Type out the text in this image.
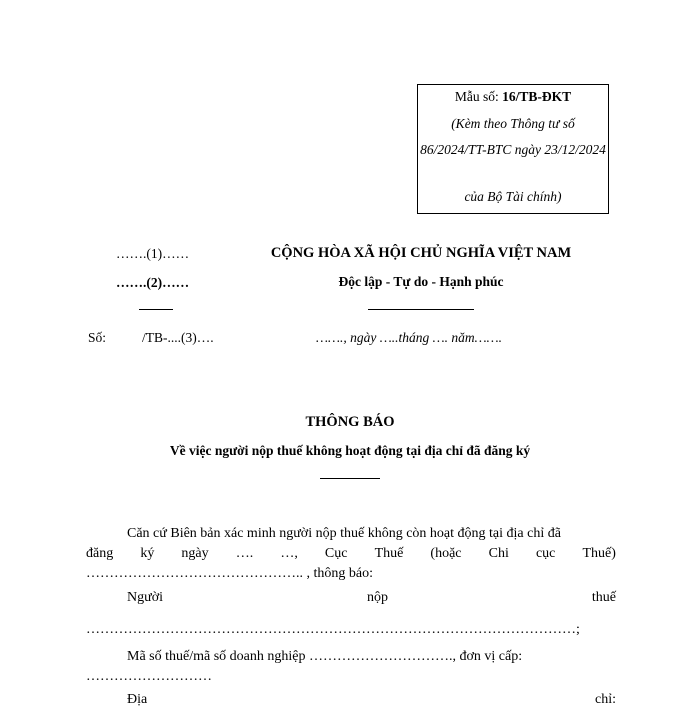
Mẫu số: 16/TB-ĐKT
(Kèm theo Thông tư số
86/2024/TT-BTC ngày 23/12/2024
của Bộ Tài chính)
…….(1)……
…….(2)……
CỘNG HÒA XÃ HỘI CHỦ NGHĨA VIỆT NAM
Độc lập - Tự do - Hạnh phúc
Số:	/TB-....(3)….	……., ngày …..tháng …. năm…….
THÔNG BÁO
Về việc người nộp thuế không hoạt động tại địa chỉ đã đăng ký
Căn cứ Biên bản xác minh người nộp thuế không còn hoạt động tại địa chỉ đã
đăng ký ngày …. …, Cục Thuế (hoặc Chi cục Thuế)
……………………………………….. , thông báo:
Người	nộp	thuế
……………………………………………………………………………………………;
Mã số thuế/mã số doanh nghiệp …………………………., đơn vị cấp:
………………………
Địa	chỉ:
